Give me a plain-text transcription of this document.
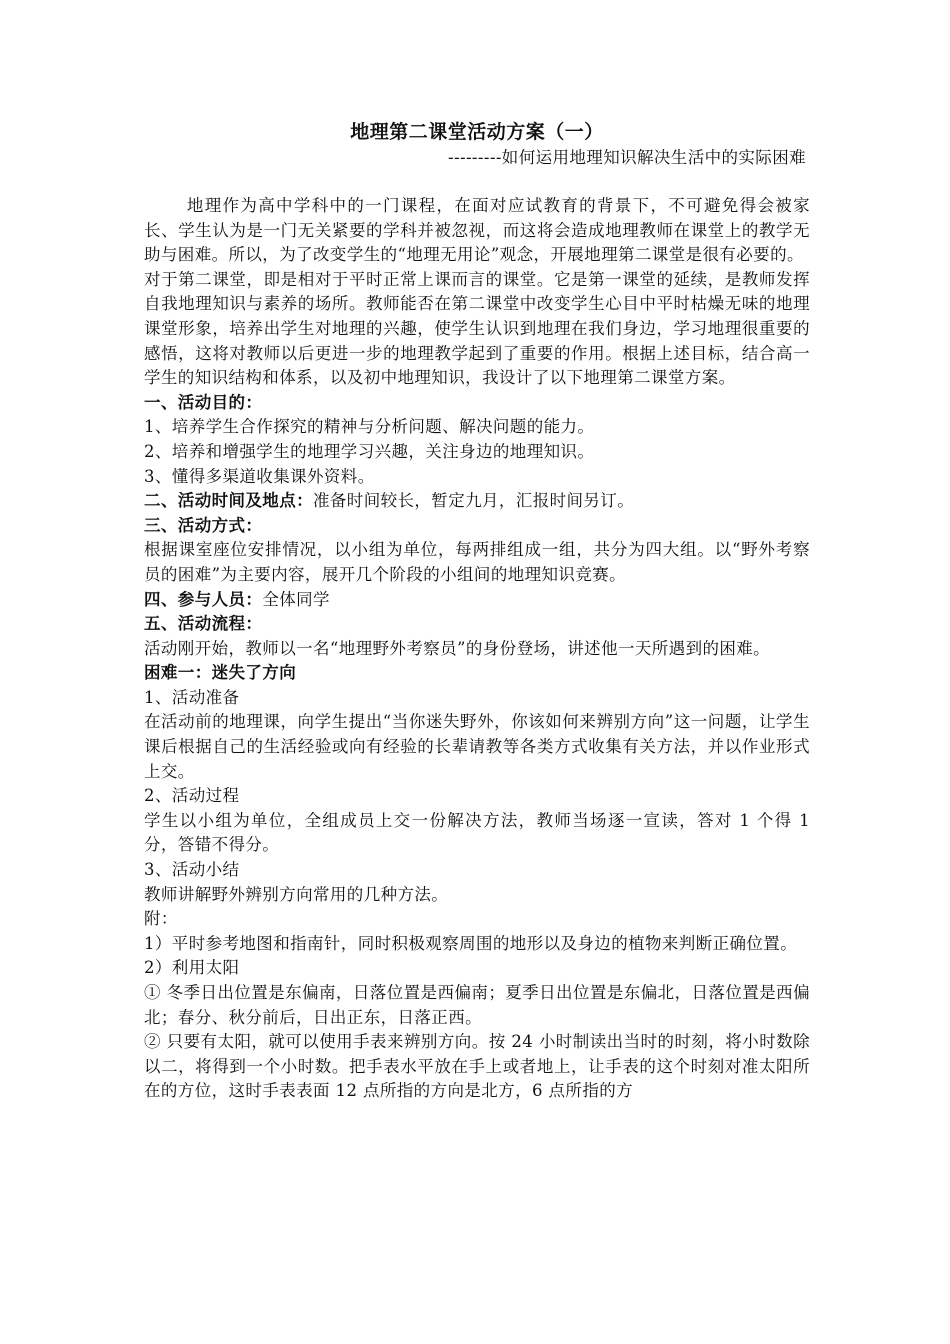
地理第二课堂活动方案（一）

---------如何运用地理知识解决生活中的实际困难

地理作为高中学科中的一门课程，在面对应试教育的背景下，不可避免得会被家长、学生认为是一门无关紧要的学科并被忽视，而这将会造成地理教师在课堂上的教学无助与困难。所以，为了改变学生的“地理无用论”观念，开展地理第二课堂是很有必要的。

对于第二课堂，即是相对于平时正常上课而言的课堂。它是第一课堂的延续，是教师发挥自我地理知识与素养的场所。教师能否在第二课堂中改变学生心目中平时枯燥无味的地理课堂形象，培养出学生对地理的兴趣，使学生认识到地理在我们身边，学习地理很重要的感悟，这将对教师以后更进一步的地理教学起到了重要的作用。根据上述目标，结合高一学生的知识结构和体系，以及初中地理知识，我设计了以下地理第二课堂方案。

一、活动目的：

1、培养学生合作探究的精神与分析问题、解决问题的能力。

2、培养和增强学生的地理学习兴趣，关注身边的地理知识。

3、懂得多渠道收集课外资料。

二、活动时间及地点：准备时间较长，暂定九月，汇报时间另订。

三、活动方式：

根据课室座位安排情况，以小组为单位，每两排组成一组，共分为四大组。以“野外考察员的困难”为主要内容，展开几个阶段的小组间的地理知识竞赛。

四、参与人员：全体同学

五、活动流程：

活动刚开始，教师以一名“地理野外考察员”的身份登场，讲述他一天所遇到的困难。

困难一：迷失了方向

1、活动准备

在活动前的地理课，向学生提出“当你迷失野外，你该如何来辨别方向”这一问题，让学生课后根据自己的生活经验或向有经验的长辈请教等各类方式收集有关方法，并以作业形式上交。

2、活动过程

学生以小组为单位，全组成员上交一份解决方法，教师当场逐一宣读，答对 1 个得 1 分，答错不得分。

3、活动小结

教师讲解野外辨别方向常用的几种方法。

附：

1）平时参考地图和指南针，同时积极观察周围的地形以及身边的植物来判断正确位置。

2）利用太阳

① 冬季日出位置是东偏南，日落位置是西偏南；夏季日出位置是东偏北，日落位置是西偏北；春分、秋分前后，日出正东，日落正西。

② 只要有太阳，就可以使用手表来辨别方向。按 24 小时制读出当时的时刻，将小时数除以二，将得到一个小时数。把手表水平放在手上或者地上，让手表的这个时刻对准太阳所在的方位，这时手表表面 12 点所指的方向是北方，6 点所指的方
